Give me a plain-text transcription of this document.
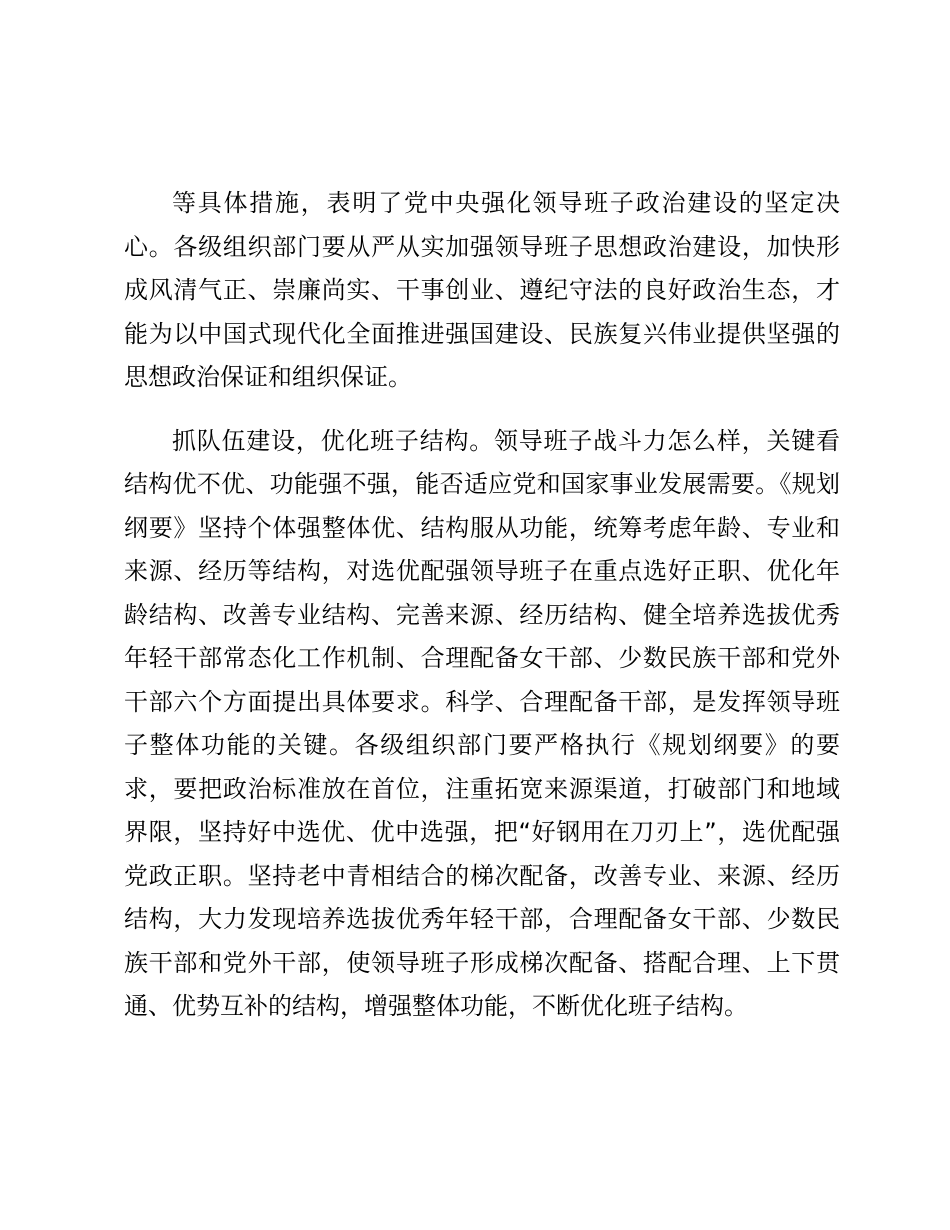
等具体措施，表明了党中央强化领导班子政治建设的坚定决心。各级组织部门要从严从实加强领导班子思想政治建设，加快形成风清气正、崇廉尚实、干事创业、遵纪守法的良好政治生态，才能为以中国式现代化全面推进强国建设、民族复兴伟业提供坚强的思想政治保证和组织保证。

抓队伍建设，优化班子结构。领导班子战斗力怎么样，关键看结构优不优、功能强不强，能否适应党和国家事业发展需要。《规划纲要》坚持个体强整体优、结构服从功能，统筹考虑年龄、专业和来源、经历等结构，对选优配强领导班子在重点选好正职、优化年龄结构、改善专业结构、完善来源、经历结构、健全培养选拔优秀年轻干部常态化工作机制、合理配备女干部、少数民族干部和党外干部六个方面提出具体要求。科学、合理配备干部，是发挥领导班子整体功能的关键。各级组织部门要严格执行《规划纲要》的要求，要把政治标准放在首位，注重拓宽来源渠道，打破部门和地域界限，坚持好中选优、优中选强，把“好钢用在刀刃上”，选优配强党政正职。坚持老中青相结合的梯次配备，改善专业、来源、经历结构，大力发现培养选拔优秀年轻干部，合理配备女干部、少数民族干部和党外干部，使领导班子形成梯次配备、搭配合理、上下贯通、优势互补的结构，增强整体功能，不断优化班子结构。
